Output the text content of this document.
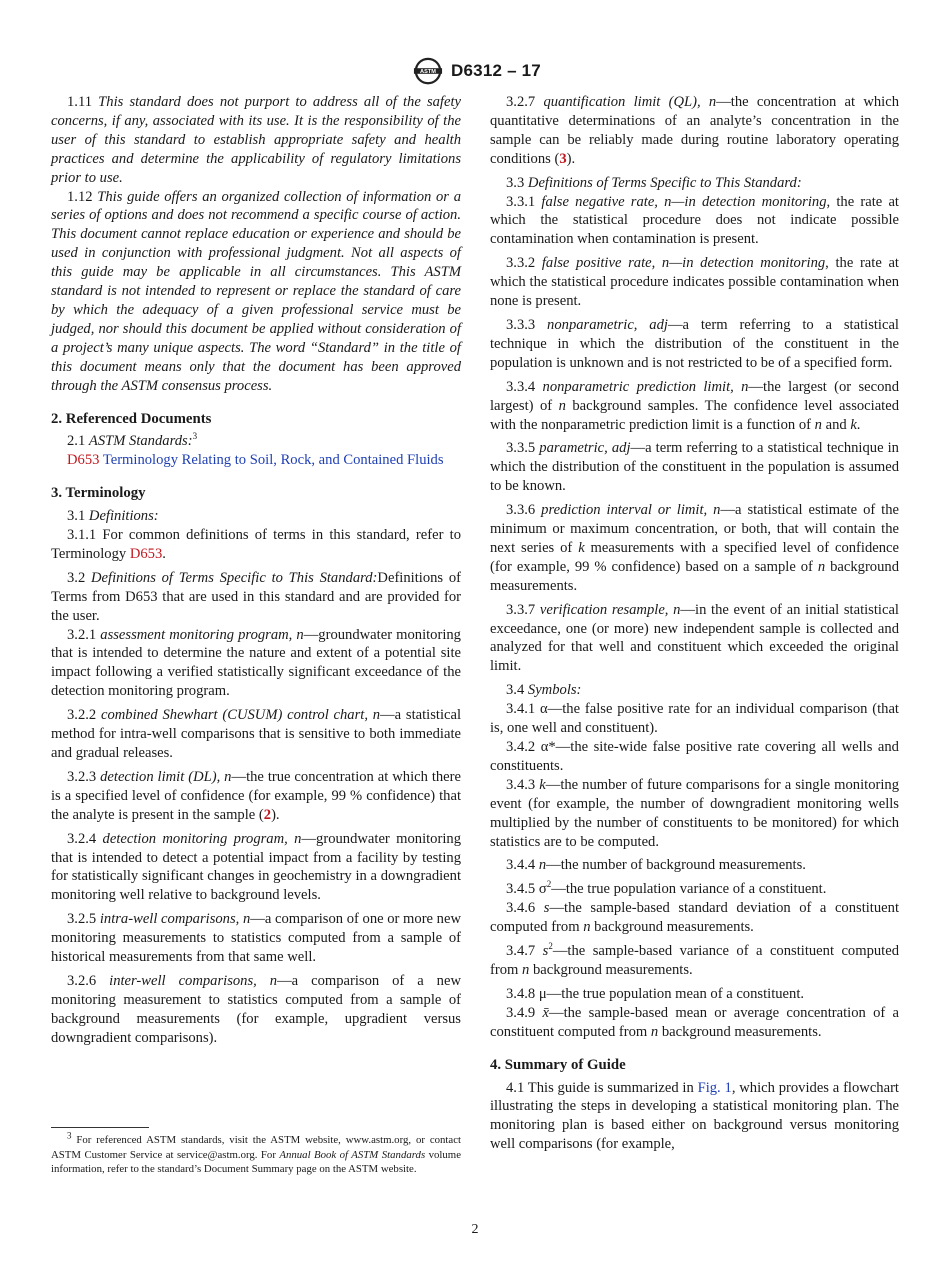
ASTM D6312 – 17

1.11 This standard does not purport to address all of the safety concerns, if any, associated with its use. It is the responsibility of the user of this standard to establish appropriate safety and health practices and determine the applicability of regulatory limitations prior to use.

1.12 This guide offers an organized collection of information or a series of options and does not recommend a specific course of action. This document cannot replace education or experience and should be used in conjunction with professional judgment. Not all aspects of this guide may be applicable in all circumstances. This ASTM standard is not intended to represent or replace the standard of care by which the adequacy of a given professional service must be judged, nor should this document be applied without consideration of a project’s many unique aspects. The word “Standard” in the title of this document means only that the document has been approved through the ASTM consensus process.

2. Referenced Documents

2.1 ASTM Standards:$^3$

D653 Terminology Relating to Soil, Rock, and Contained Fluids

3. Terminology

3.1 Definitions:

3.1.1 For common definitions of terms in this standard, refer to Terminology D653.

3.2 Definitions of Terms Specific to This Standard:Definitions of Terms from D653 that are used in this standard and are provided for the user.

3.2.1 assessment monitoring program, n—groundwater monitoring that is intended to determine the nature and extent of a potential site impact following a verified statistically significant exceedance of the detection monitoring program.

3.2.2 combined Shewhart (CUSUM) control chart, n—a statistical method for intra-well comparisons that is sensitive to both immediate and gradual releases.

3.2.3 detection limit (DL), n—the true concentration at which there is a specified level of confidence (for example, 99 % confidence) that the analyte is present in the sample (2).

3.2.4 detection monitoring program, n—groundwater monitoring that is intended to detect a potential impact from a facility by testing for statistically significant changes in geochemistry in a downgradient monitoring well relative to background levels.

3.2.5 intra-well comparisons, n—a comparison of one or more new monitoring measurements to statistics computed from a sample of historical measurements from that same well.

3.2.6 inter-well comparisons, n—a comparison of a new monitoring measurement to statistics computed from a sample of background measurements (for example, upgradient versus downgradient comparisons).

$^3$ For referenced ASTM standards, visit the ASTM website, www.astm.org, or contact ASTM Customer Service at service@astm.org. For Annual Book of ASTM Standards volume information, refer to the standard’s Document Summary page on the ASTM website.

3.2.7 quantification limit (QL), n—the concentration at which quantitative determinations of an analyte’s concentration in the sample can be reliably made during routine laboratory operating conditions (3).

3.3 Definitions of Terms Specific to This Standard:

3.3.1 false negative rate, n—in detection monitoring, the rate at which the statistical procedure does not indicate possible contamination when contamination is present.

3.3.2 false positive rate, n—in detection monitoring, the rate at which the statistical procedure indicates possible contamination when none is present.

3.3.3 nonparametric, adj—a term referring to a statistical technique in which the distribution of the constituent in the population is unknown and is not restricted to be of a specified form.

3.3.4 nonparametric prediction limit, n—the largest (or second largest) of n background samples. The confidence level associated with the nonparametric prediction limit is a function of n and k.

3.3.5 parametric, adj—a term referring to a statistical technique in which the distribution of the constituent in the population is assumed to be known.

3.3.6 prediction interval or limit, n—a statistical estimate of the minimum or maximum concentration, or both, that will contain the next series of k measurements with a specified level of confidence (for example, 99 % confidence) based on a sample of n background measurements.

3.3.7 verification resample, n—in the event of an initial statistical exceedance, one (or more) new independent sample is collected and analyzed for that well and constituent which exceeded the original limit.

3.4 Symbols:

3.4.1 α—the false positive rate for an individual comparison (that is, one well and constituent).

3.4.2 α*—the site-wide false positive rate covering all wells and constituents.

3.4.3 k—the number of future comparisons for a single monitoring event (for example, the number of downgradient monitoring wells multiplied by the number of constituents to be monitored) for which statistics are to be computed.

3.4.4 n—the number of background measurements.

3.4.5 $\sigma^2—the$ true population variance of a constituent.

3.4.6 s—the sample-based standard deviation of a constituent computed from n background measurements.

3.4.7 $s^2—the$ sample-based variance of a constituent computed from n background measurements.

3.4.8 μ—the true population mean of a constituent.

3.4.9 x̄—the sample-based mean or average concentration of a constituent computed from n background measurements.

4. Summary of Guide

4.1 This guide is summarized in Fig. 1, which provides a flowchart illustrating the steps in developing a statistical monitoring plan. The monitoring plan is based either on background versus monitoring well comparisons (for example,

2
